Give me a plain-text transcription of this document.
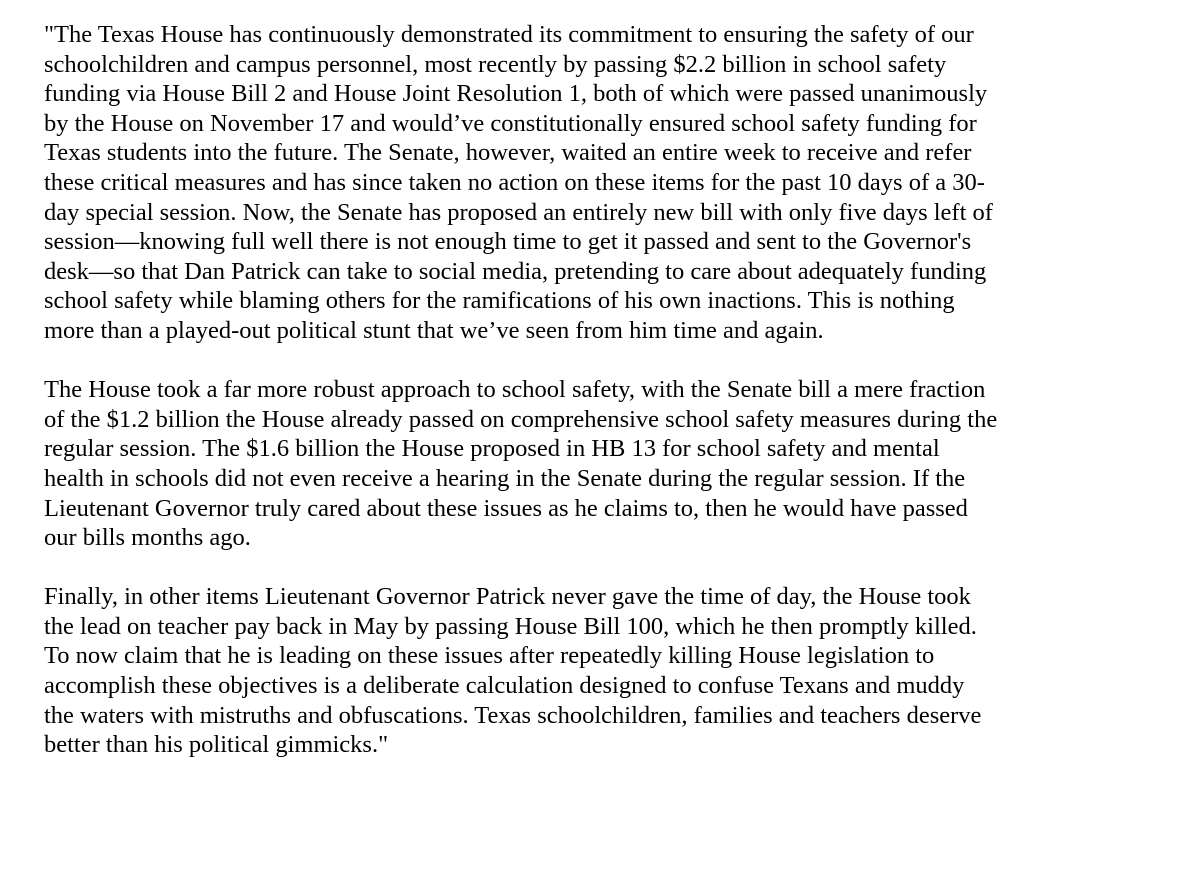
"The Texas House has continuously demonstrated its commitment to ensuring the safety of our
schoolchildren and campus personnel, most recently by passing $2.2 billion in school safety
funding via House Bill 2 and House Joint Resolution 1, both of which were passed unanimously
by the House on November 17 and would’ve constitutionally ensured school safety funding for
Texas students into the future. The Senate, however, waited an entire week to receive and refer
these critical measures and has since taken no action on these items for the past 10 days of a 30-
day special session. Now, the Senate has proposed an entirely new bill with only five days left of
session—knowing full well there is not enough time to get it passed and sent to the Governor's
desk—so that Dan Patrick can take to social media, pretending to care about adequately funding
school safety while blaming others for the ramifications of his own inactions. This is nothing
more than a played-out political stunt that we’ve seen from him time and again.

The House took a far more robust approach to school safety, with the Senate bill a mere fraction
of the $1.2 billion the House already passed on comprehensive school safety measures during the
regular session. The $1.6 billion the House proposed in HB 13 for school safety and mental
health in schools did not even receive a hearing in the Senate during the regular session. If the
Lieutenant Governor truly cared about these issues as he claims to, then he would have passed
our bills months ago.

Finally, in other items Lieutenant Governor Patrick never gave the time of day, the House took
the lead on teacher pay back in May by passing House Bill 100, which he then promptly killed.
To now claim that he is leading on these issues after repeatedly killing House legislation to
accomplish these objectives is a deliberate calculation designed to confuse Texans and muddy
the waters with mistruths and obfuscations. Texas schoolchildren, families and teachers deserve
better than his political gimmicks."
